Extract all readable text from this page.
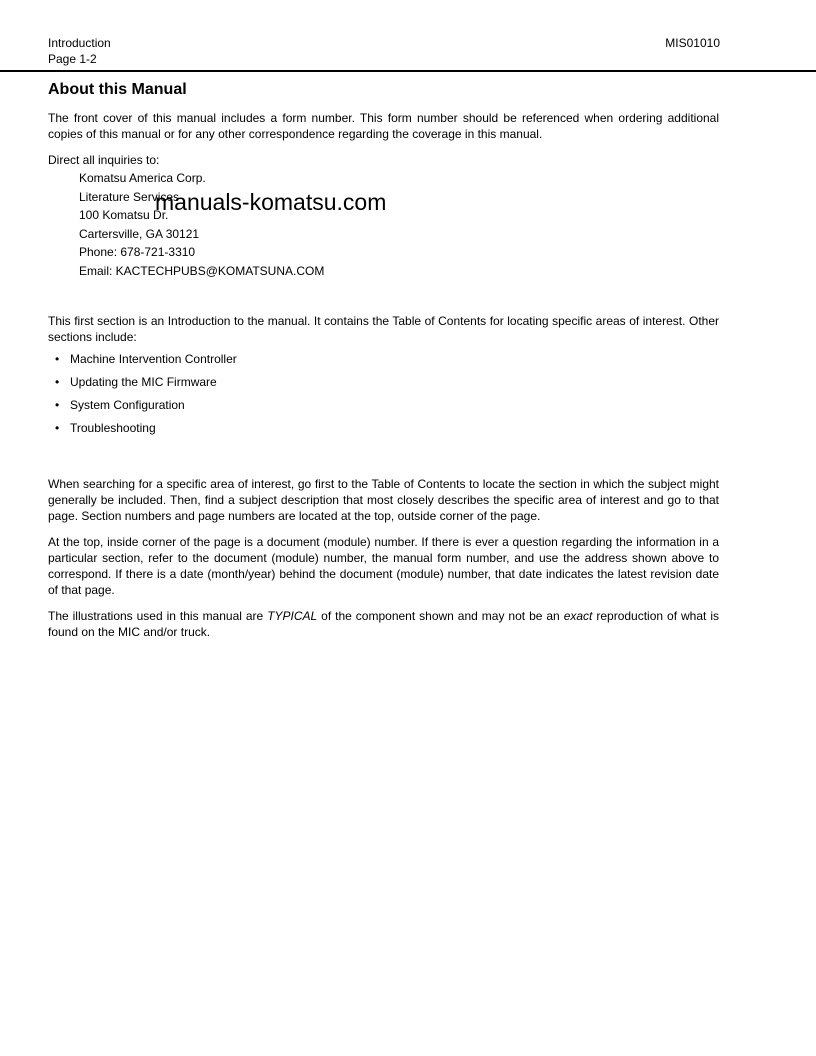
Introduction
Page 1-2
MIS01010
manuals-komatsu.com
About this Manual

The front cover of this manual includes a form number. This form number should be referenced when ordering additional copies of this manual or for any other correspondence regarding the coverage in this manual.

Direct all inquiries to:
Komatsu America Corp.
Literature Services
100 Komatsu Dr.
Cartersville, GA 30121
Phone: 678-721-3310
Email: KACTECHPUBS@KOMATSUNA.COM

This first section is an Introduction to the manual. It contains the Table of Contents for locating specific areas of interest. Other sections include:

• Machine Intervention Controller
• Updating the MIC Firmware
• System Configuration
• Troubleshooting

When searching for a specific area of interest, go first to the Table of Contents to locate the section in which the subject might generally be included. Then, find a subject description that most closely describes the specific area of interest and go to that page. Section numbers and page numbers are located at the top, outside corner of the page.

At the top, inside corner of the page is a document (module) number. If there is ever a question regarding the information in a particular section, refer to the document (module) number, the manual form number, and use the address shown above to correspond. If there is a date (month/year) behind the document (module) number, that date indicates the latest revision date of that page.

The illustrations used in this manual are TYPICAL of the component shown and may not be an exact reproduction of what is found on the MIC and/or truck.
